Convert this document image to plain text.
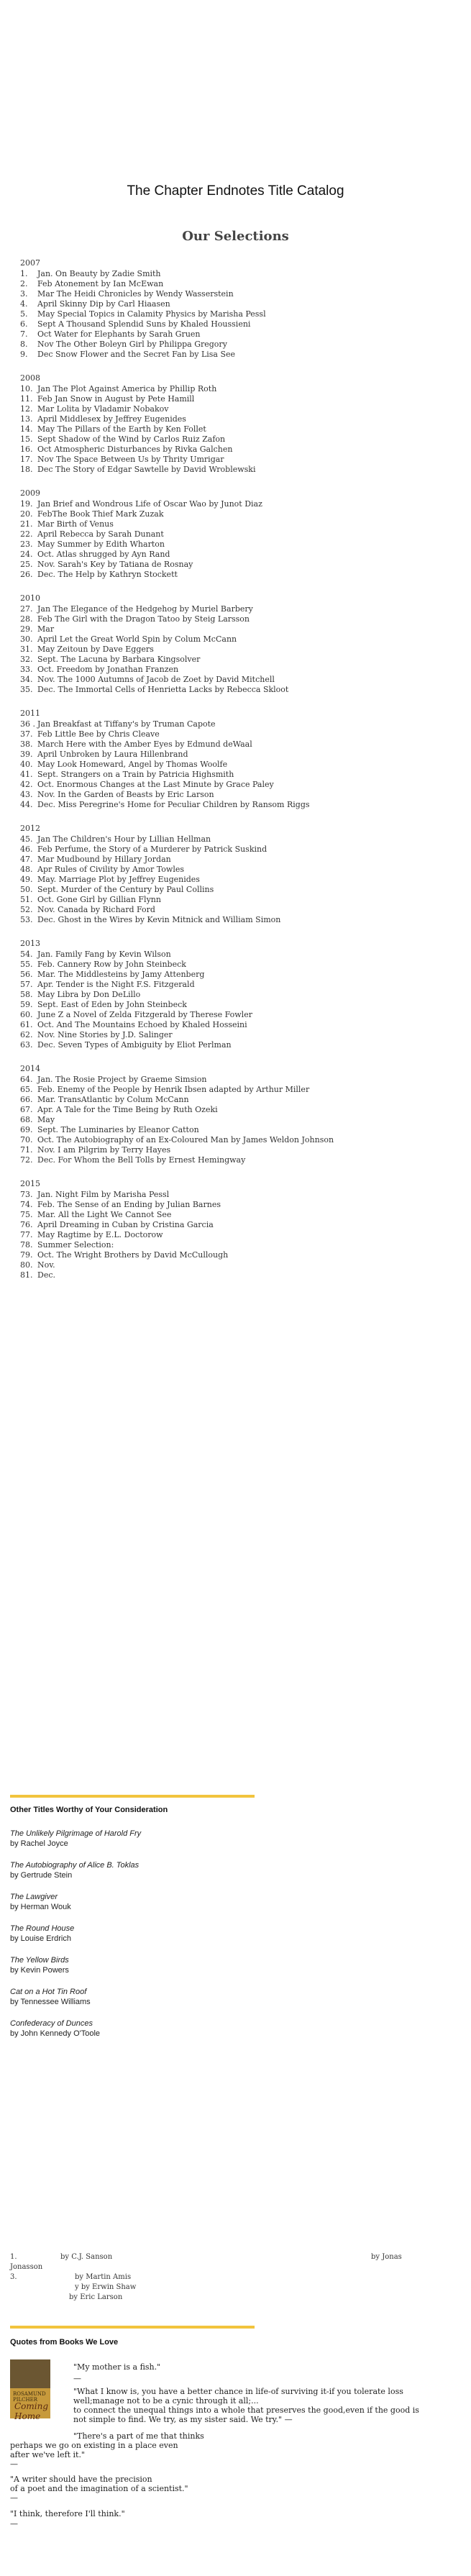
The Chapter Endnotes Title Catalog
Our Selections
2007
1. Jan. On Beauty by Zadie Smith
2. Feb Atonement by Ian McEwan
3. Mar The Heidi Chronicles by Wendy Wasserstein
4. April Skinny Dip by Carl Hiaasen
5. May Special Topics in Calamity Physics by Marisha Pessl
6. Sept A Thousand Splendid Suns by Khaled Houssieni
7. Oct Water for Elephants by Sarah Gruen
8. Nov The Other Boleyn Girl by Philippa Gregory
9. Dec Snow Flower and the Secret Fan by Lisa See
2008
10. Jan The Plot Against America by Phillip Roth
11. Feb Jan Snow in August by Pete Hamill
12. Mar Lolita by Vladamir Nobakov
13. April Middlesex by Jeffrey Eugenides
14. May The Pillars of the Earth by Ken Follet
15. Sept Shadow of the Wind by Carlos Ruiz Zafon
16. Oct Atmospheric Disturbances by Rivka Galchen
17. Nov The Space Between Us by Thrity Umrigar
18. Dec The Story of Edgar Sawtelle by David Wroblewski
2009
19. Jan Brief and Wondrous Life of Oscar Wao by Junot Diaz
20. FebThe Book Thief Mark Zuzak
21. Mar Birth of Venus
22. April Rebecca by Sarah Dunant
23. May Summer by Edith Wharton
24. Oct. Atlas shrugged by Ayn Rand
25. Nov. Sarah's Key by Tatiana de Rosnay
26. Dec. The Help by Kathryn Stockett
2010
27. Jan The Elegance of the Hedgehog by Muriel Barbery
28. Feb The Girl with the Dragon Tatoo by Steig Larsson
29. Mar
30. April Let the Great World Spin by Colum McCann
31. May Zeitoun by Dave Eggers
32. Sept. The Lacuna by Barbara Kingsolver
33. Oct. Freedom by Jonathan Franzen
34. Nov. The 1000 Autumns of Jacob de Zoet by David Mitchell
35. Dec. The Immortal Cells of Henrietta Lacks by Rebecca Skloot
2011
36 . Jan Breakfast at Tiffany's by Truman Capote
37. Feb Little Bee by Chris Cleave
38. March Here with the Amber Eyes by Edmund deWaal
39. April Unbroken by Laura Hillenbrand
40. May Look Homeward, Angel by Thomas Woolfe
41. Sept. Strangers on a Train by Patricia Highsmith
42. Oct. Enormous Changes at the Last Minute by Grace Paley
43. Nov. In the Garden of Beasts by Eric Larson
44. Dec. Miss Peregrine's Home for Peculiar Children by Ransom Riggs
2012
45. Jan The Children's Hour by Lillian Hellman
46. Feb Perfume, the Story of a Murderer by Patrick Suskind
47. Mar Mudbound by Hillary Jordan
48. Apr Rules of Civility by Amor Towles
49. May. Marriage Plot by Jeffrey Eugenides
50. Sept. Murder of the Century by Paul Collins
51. Oct. Gone Girl by Gillian Flynn
52. Nov. Canada by Richard Ford
53. Dec. Ghost in the Wires by Kevin Mitnick and William Simon
2013
54. Jan. Family Fang by Kevin Wilson
55. Feb. Cannery Row by John Steinbeck
56. Mar. The Middlesteins by Jamy Attenberg
57. Apr. Tender is the Night F.S. Fitzgerald
58. May Libra by Don DeLillo
59. Sept. East of Eden by John Steinbeck
60. June Z a Novel of Zelda Fitzgerald by Therese Fowler
61. Oct. And The Mountains Echoed by Khaled Hosseini
62. Nov. Nine Stories by J.D. Salinger
63. Dec. Seven Types of Ambiguity by Eliot Perlman
2014
64. Jan. The Rosie Project by Graeme Simsion
65. Feb. Enemy of the People by Henrik Ibsen adapted by Arthur Miller
66. Mar. TransAtlantic by Colum McCann
67. Apr. A Tale for the Time Being by Ruth Ozeki
68. May
69. Sept. The Luminaries by Eleanor Catton
70. Oct. The Autobiography of an Ex-Coloured Man by James Weldon Johnson
71. Nov. I am Pilgrim by Terry Hayes
72. Dec. For Whom the Bell Tolls by Ernest Hemingway
2015
73. Jan. Night Film by Marisha Pessl
74. Feb. The Sense of an Ending by Julian Barnes
75. Mar. All the Light We Cannot See
76. April Dreaming in Cuban by Cristina Garcia
77. May Ragtime by E.L. Doctorow
78. Summer Selection:
79. Oct. The Wright Brothers by David McCullough
80. Nov.
81. Dec.
Other Titles Worthy of Your Consideration
The Unlikely Pilgrimage of Harold Fry
by Rachel Joyce
The Autobiography of Alice B. Toklas
by Gertrude Stein
The Lawgiver
by Herman Wouk
The Round House
by Louise Erdrich
The Yellow Birds
by Kevin Powers
Cat on a Hot Tin Roof
by Tennessee Williams
Confederacy of Dunces
by John Kennedy O'Toole
1.	by C.J. Sanson	by Jonas
Jonasson
3.	by Martin Amis
y by Erwin Shaw
by Eric Larson
Quotes from Books We Love
ROSAMUND PILCHER
Coming Home
"My mother is a fish."
—
"What I know is, you have a better chance in life-of surviving it-if you tolerate loss
well;manage not to be a cynic through it all;...
to connect the unequal things into a whole that preserves the good,even if the good is
not simple to find. We try, as my sister said. We try." —
"There's a part of me that thinks
perhaps we go on existing in a place even
after we've left it."
—
"A writer should have the precision
of a poet and the imagination of a scientist."
—
"I think, therefore I'll think."
—
